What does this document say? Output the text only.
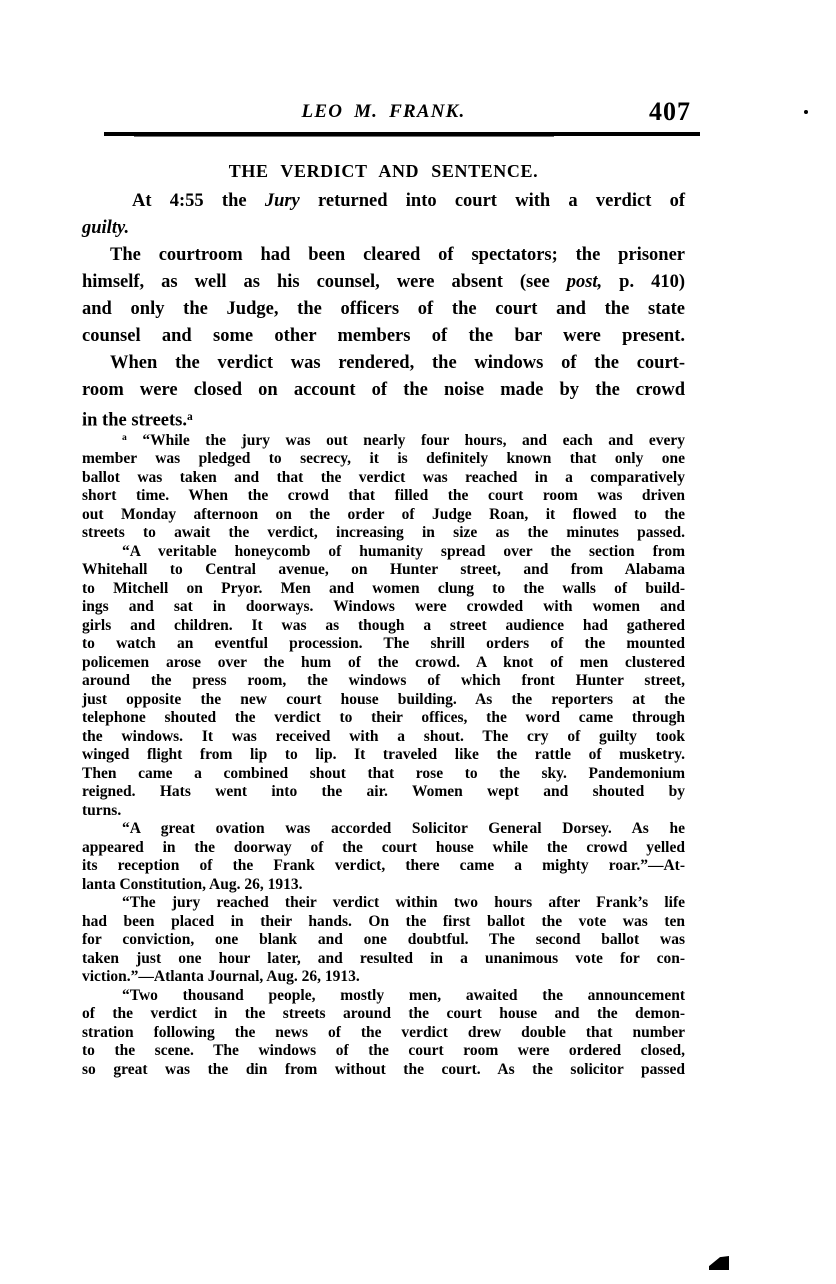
LEO M. FRANK.	407
THE VERDICT AND SENTENCE.
At 4:55 the Jury returned into court with a verdict of
guilty.
The courtroom had been cleared of spectators; the prisoner
himself, as well as his counsel, were absent (see post, p. 410)
and only the Judge, the officers of the court and the state
counsel and some other members of the bar were present.
When the verdict was rendered, the windows of the court-
room were closed on account of the noise made by the crowd
in the streets.$^a$
$^a$ “While the jury was out nearly four hours, and each and every
member was pledged to secrecy, it is definitely known that only one
ballot was taken and that the verdict was reached in a comparatively
short time. When the crowd that filled the court room was driven
out Monday afternoon on the order of Judge Roan, it flowed to the
streets to await the verdict, increasing in size as the minutes passed.
“A veritable honeycomb of humanity spread over the section from
Whitehall to Central avenue, on Hunter street, and from Alabama
to Mitchell on Pryor. Men and women clung to the walls of build-
ings and sat in doorways. Windows were crowded with women and
girls and children. It was as though a street audience had gathered
to watch an eventful procession. The shrill orders of the mounted
policemen arose over the hum of the crowd. A knot of men clustered
around the press room, the windows of which front Hunter street,
just opposite the new court house building. As the reporters at the
telephone shouted the verdict to their offices, the word came through
the windows. It was received with a shout. The cry of guilty took
winged flight from lip to lip. It traveled like the rattle of musketry.
Then came a combined shout that rose to the sky. Pandemonium
reigned. Hats went into the air. Women wept and shouted by
turns.
“A great ovation was accorded Solicitor General Dorsey. As he
appeared in the doorway of the court house while the crowd yelled
its reception of the Frank verdict, there came a mighty roar.”—At-
lanta Constitution, Aug. 26, 1913.
“The jury reached their verdict within two hours after Frank’s life
had been placed in their hands. On the first ballot the vote was ten
for conviction, one blank and one doubtful. The second ballot was
taken just one hour later, and resulted in a unanimous vote for con-
viction.”—Atlanta Journal, Aug. 26, 1913.
“Two thousand people, mostly men, awaited the announcement
of the verdict in the streets around the court house and the demon-
stration following the news of the verdict drew double that number
to the scene. The windows of the court room were ordered closed,
so great was the din from without the court. As the solicitor passed
